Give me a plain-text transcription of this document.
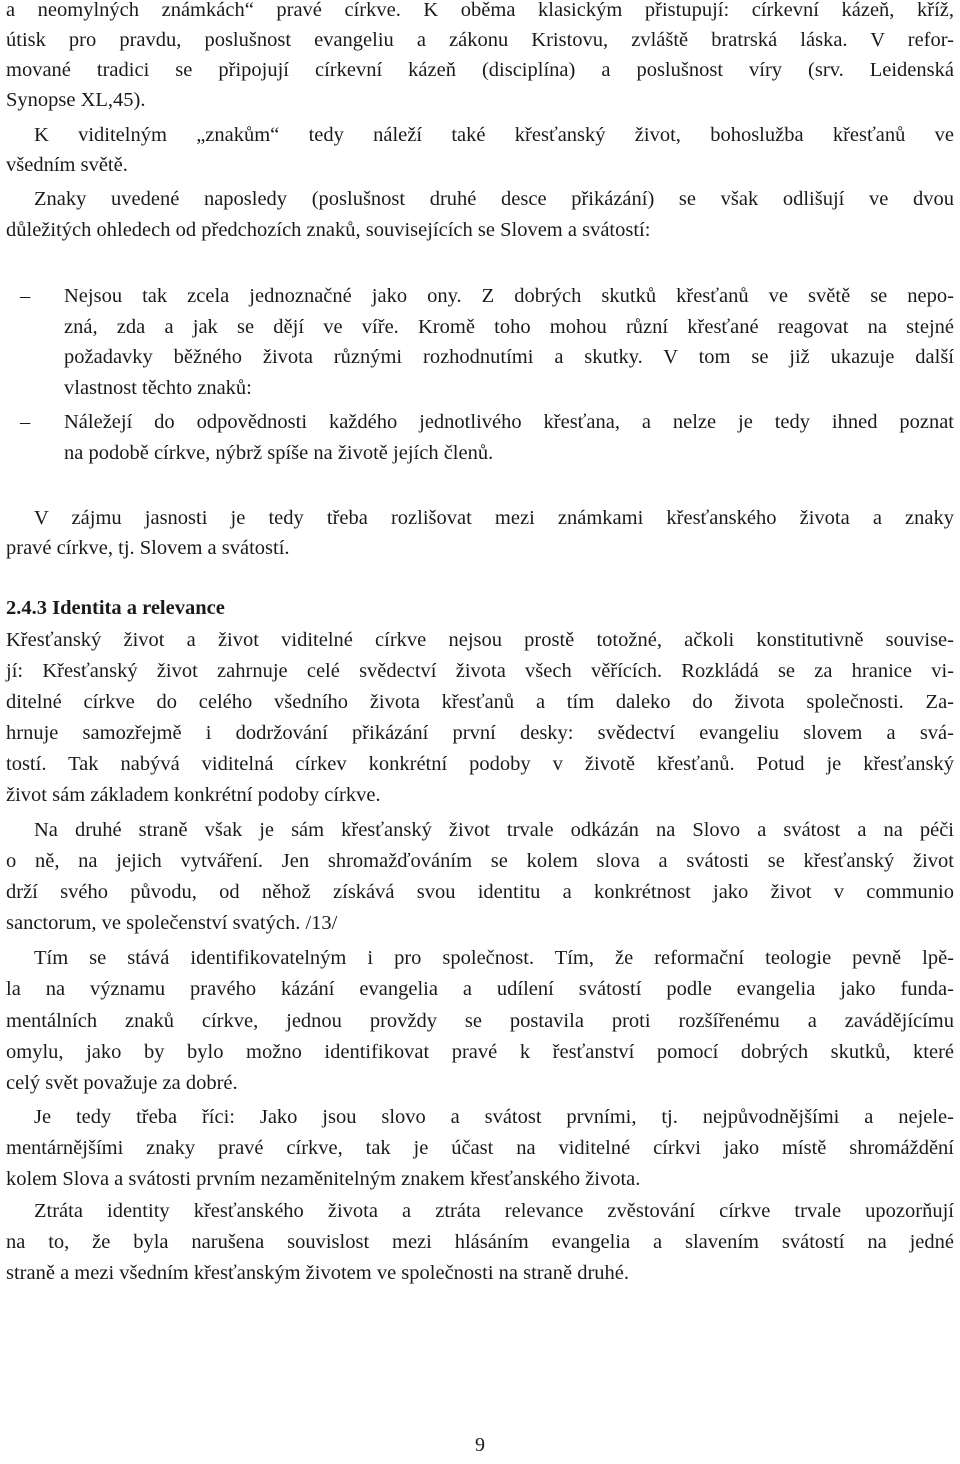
a neomylných známkách“ pravé církve. K oběma klasickým přistupují: církevní kázeň, kříž,

útisk pro pravdu, poslušnost evangeliu a zákonu Kristovu, zvláště bratrská láska. V refor-

mované tradici se připojují církevní kázeň (disciplína) a poslušnost víry (srv. Leidenská

Synopse XL,45).

K viditelným „znakům“ tedy náleží také křesťanský život, bohoslužba křesťanů ve

všedním světě.

Znaky uvedené naposledy (poslušnost druhé desce přikázání) se však odlišují ve dvou

důležitých ohledech od předchozích znaků, souvisejících se Slovem a svátostí:

–	Nejsou tak zcela jednoznačné jako ony. Z dobrých skutků křesťanů ve světě se nepo-

zná, zda a jak se dějí ve víře. Kromě toho mohou různí křesťané reagovat na stejné

požadavky běžného života různými rozhodnutími a skutky. V tom se již ukazuje další

vlastnost těchto znaků:

–	Náležejí do odpovědnosti každého jednotlivého křesťana, a nelze je tedy ihned poznat

na podobě církve, nýbrž spíše na životě jejích členů.

V zájmu jasnosti je tedy třeba rozlišovat mezi známkami křesťanského života a znaky

pravé církve, tj. Slovem a svátostí.

2.4.3 Identita a relevance

Křesťanský život a život viditelné církve nejsou prostě totožné, ačkoli konstitutivně souvise-

jí: Křesťanský život zahrnuje celé svědectví života všech věřících. Rozkládá se za hranice vi-

ditelné církve do celého všedního života křesťanů a tím daleko do života společnosti. Za-

hrnuje samozřejmě i dodržování přikázání první desky: svědectví evangeliu slovem a svá-

tostí. Tak nabývá viditelná církev konkrétní podoby v životě křesťanů. Potud je křesťanský

život sám základem konkrétní podoby církve.

Na druhé straně však je sám křesťanský život trvale odkázán na Slovo a svátost a na péči

o ně, na jejich vytváření. Jen shromažďováním se kolem slova a svátosti se křesťanský život

drží svého původu, od něhož získává svou identitu a konkrétnost jako život v communio

sanctorum, ve společenství svatých. /13/

Tím se stává identifikovatelným i pro společnost. Tím, že reformační teologie pevně lpě-

la na významu pravého kázání evangelia a udílení svátostí podle evangelia jako funda-

mentálních znaků církve, jednou provždy se postavila proti rozšířenému a zavádějícímu

omylu, jako by bylo možno identifikovat pravé k řesťanství pomocí dobrých skutků, které

celý svět považuje za dobré.

Je tedy třeba říci: Jako jsou slovo a svátost prvními, tj. nejpůvodnějšími a nejele-

mentárnějšími znaky pravé církve, tak je účast na viditelné církvi jako místě shromáždění

kolem Slova a svátosti prvním nezaměnitelným znakem křesťanského života.

Ztráta identity křesťanského života a ztráta relevance zvěstování církve trvale upozorňují

na to, že byla narušena souvislost mezi hlásáním evangelia a slavením svátostí na jedné

straně a mezi všedním křesťanským životem ve společnosti na straně druhé.

9
